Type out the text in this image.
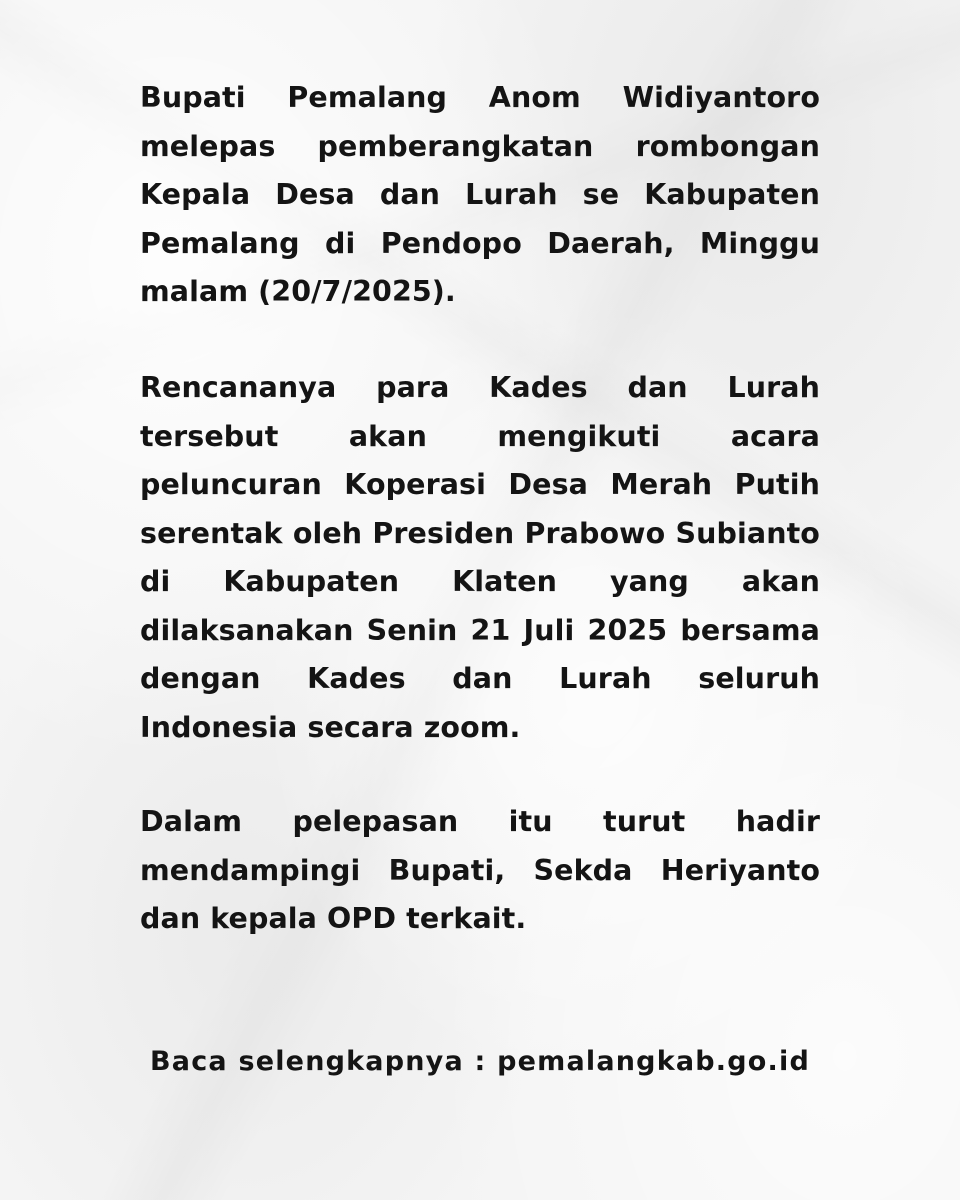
Bupati Pemalang Anom Widiyantoro melepas pemberangkatan rombongan Kepala Desa dan Lurah se Kabupaten Pemalang di Pendopo Daerah, Minggu malam (20/7/2025).

Rencananya para Kades dan Lurah tersebut akan mengikuti acara peluncuran Koperasi Desa Merah Putih serentak oleh Presiden Prabowo Subianto di Kabupaten Klaten yang akan dilaksanakan Senin 21 Juli 2025 bersama dengan Kades dan Lurah seluruh Indonesia secara zoom.

Dalam pelepasan itu turut hadir mendampingi Bupati, Sekda Heriyanto dan kepala OPD terkait.

Baca selengkapnya : pemalangkab.go.id
